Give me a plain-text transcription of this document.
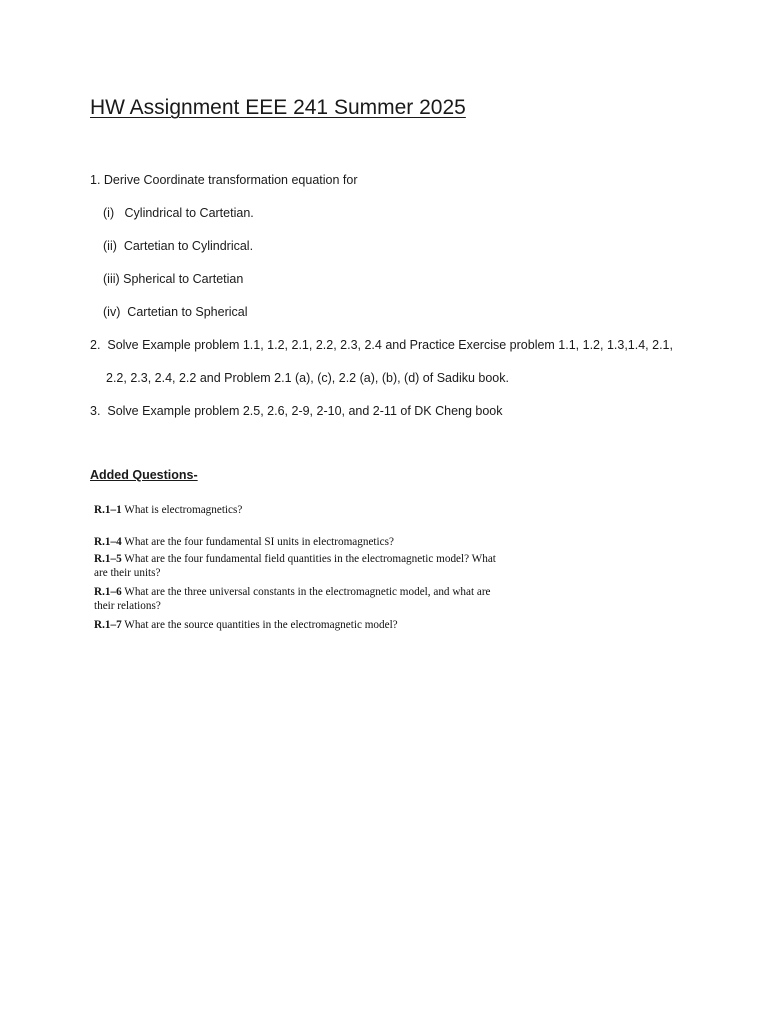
HW Assignment EEE 241 Summer 2025
1. Derive Coordinate transformation equation for
(i)   Cylindrical to Cartetian.
(ii)  Cartetian to Cylindrical.
(iii) Spherical to Cartetian
(iv)  Cartetian to Spherical
2.  Solve Example problem 1.1, 1.2, 2.1, 2.2, 2.3, 2.4 and Practice Exercise problem 1.1, 1.2, 1.3,1.4, 2.1,
2.2, 2.3, 2.4, 2.2 and Problem 2.1 (a), (c), 2.2 (a), (b), (d) of Sadiku book.
3.  Solve Example problem 2.5, 2.6, 2-9, 2-10, and 2-11 of DK Cheng book
Added Questions-
R.1–1 What is electromagnetics?
R.1–4 What are the four fundamental SI units in electromagnetics?
R.1–5 What are the four fundamental field quantities in the electromagnetic model? What
are their units?
R.1–6 What are the three universal constants in the electromagnetic model, and what are
their relations?
R.1–7 What are the source quantities in the electromagnetic model?
